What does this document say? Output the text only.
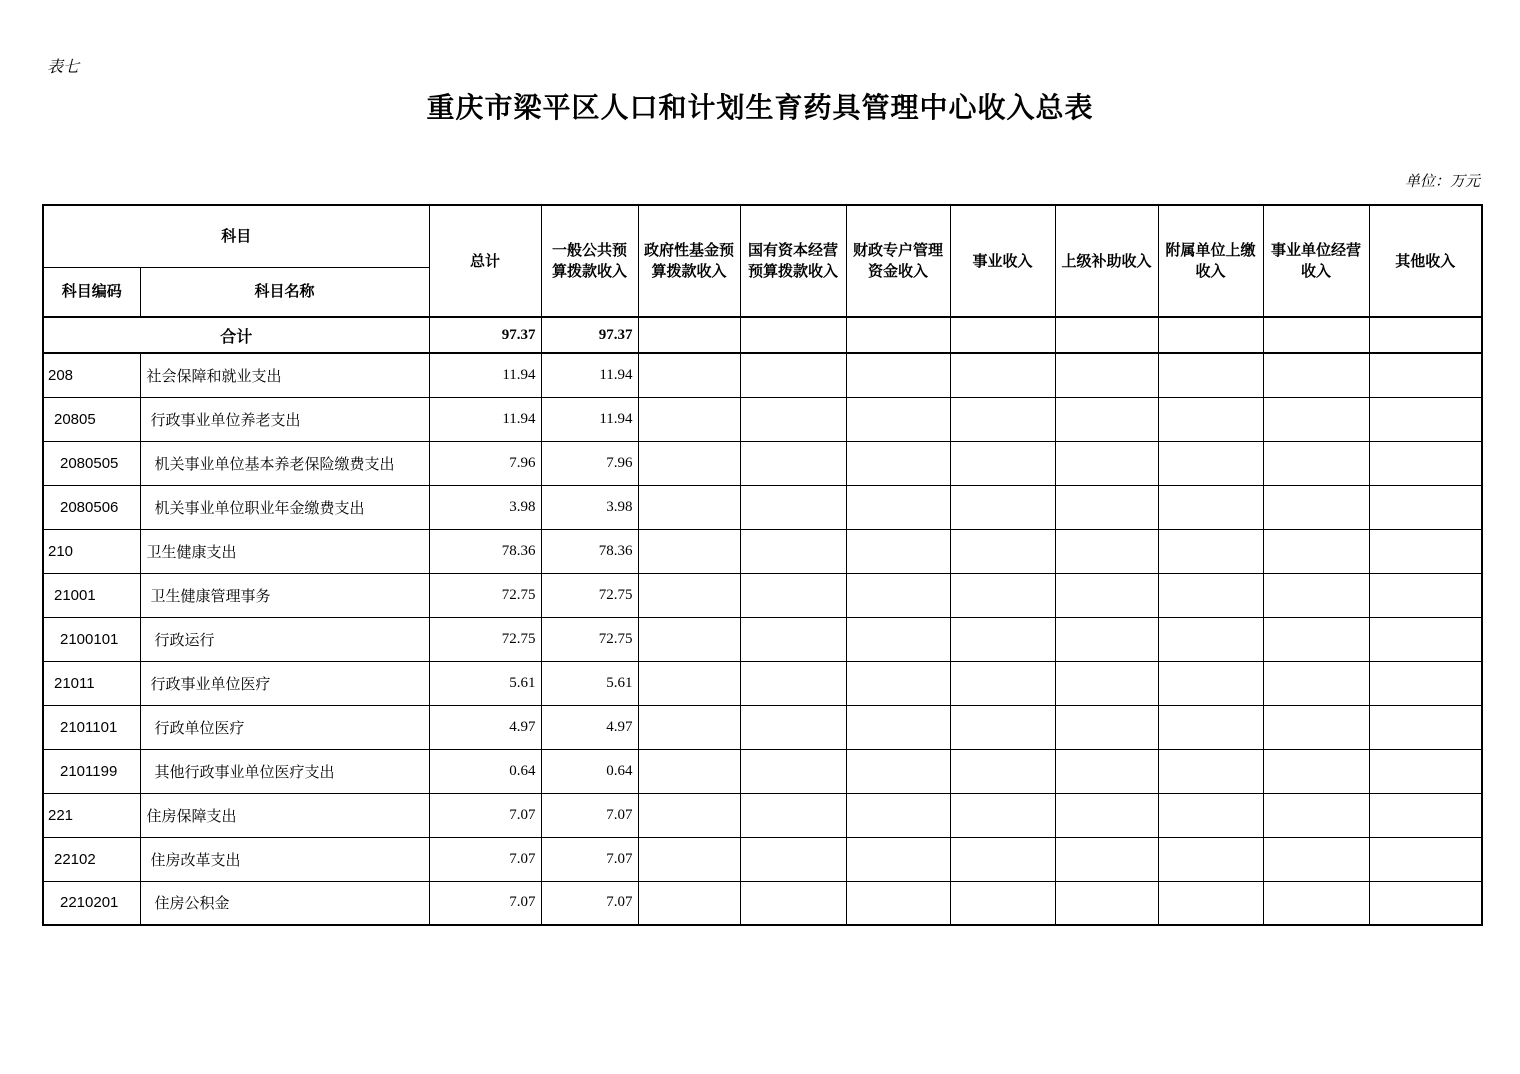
表七
重庆市梁平区人口和计划生育药具管理中心收入总表
单位：万元
科目		总计	一般公共预算拨款收入	政府性基金预算拨款收入	国有资本经营预算拨款收入	财政专户管理资金收入	事业收入	上级补助收入	附属单位上缴收入	事业单位经营收入	其他收入
科目编码	科目名称										
合计		97.37	97.37								
208	社会保障和就业支出	11.94	11.94								
20805	行政事业单位养老支出	11.94	11.94								
2080505	机关事业单位基本养老保险缴费支出	7.96	7.96								
2080506	机关事业单位职业年金缴费支出	3.98	3.98								
210	卫生健康支出	78.36	78.36								
21001	卫生健康管理事务	72.75	72.75								
2100101	行政运行	72.75	72.75								
21011	行政事业单位医疗	5.61	5.61								
2101101	行政单位医疗	4.97	4.97								
2101199	其他行政事业单位医疗支出	0.64	0.64								
221	住房保障支出	7.07	7.07								
22102	住房改革支出	7.07	7.07								
2210201	住房公积金	7.07	7.07								
